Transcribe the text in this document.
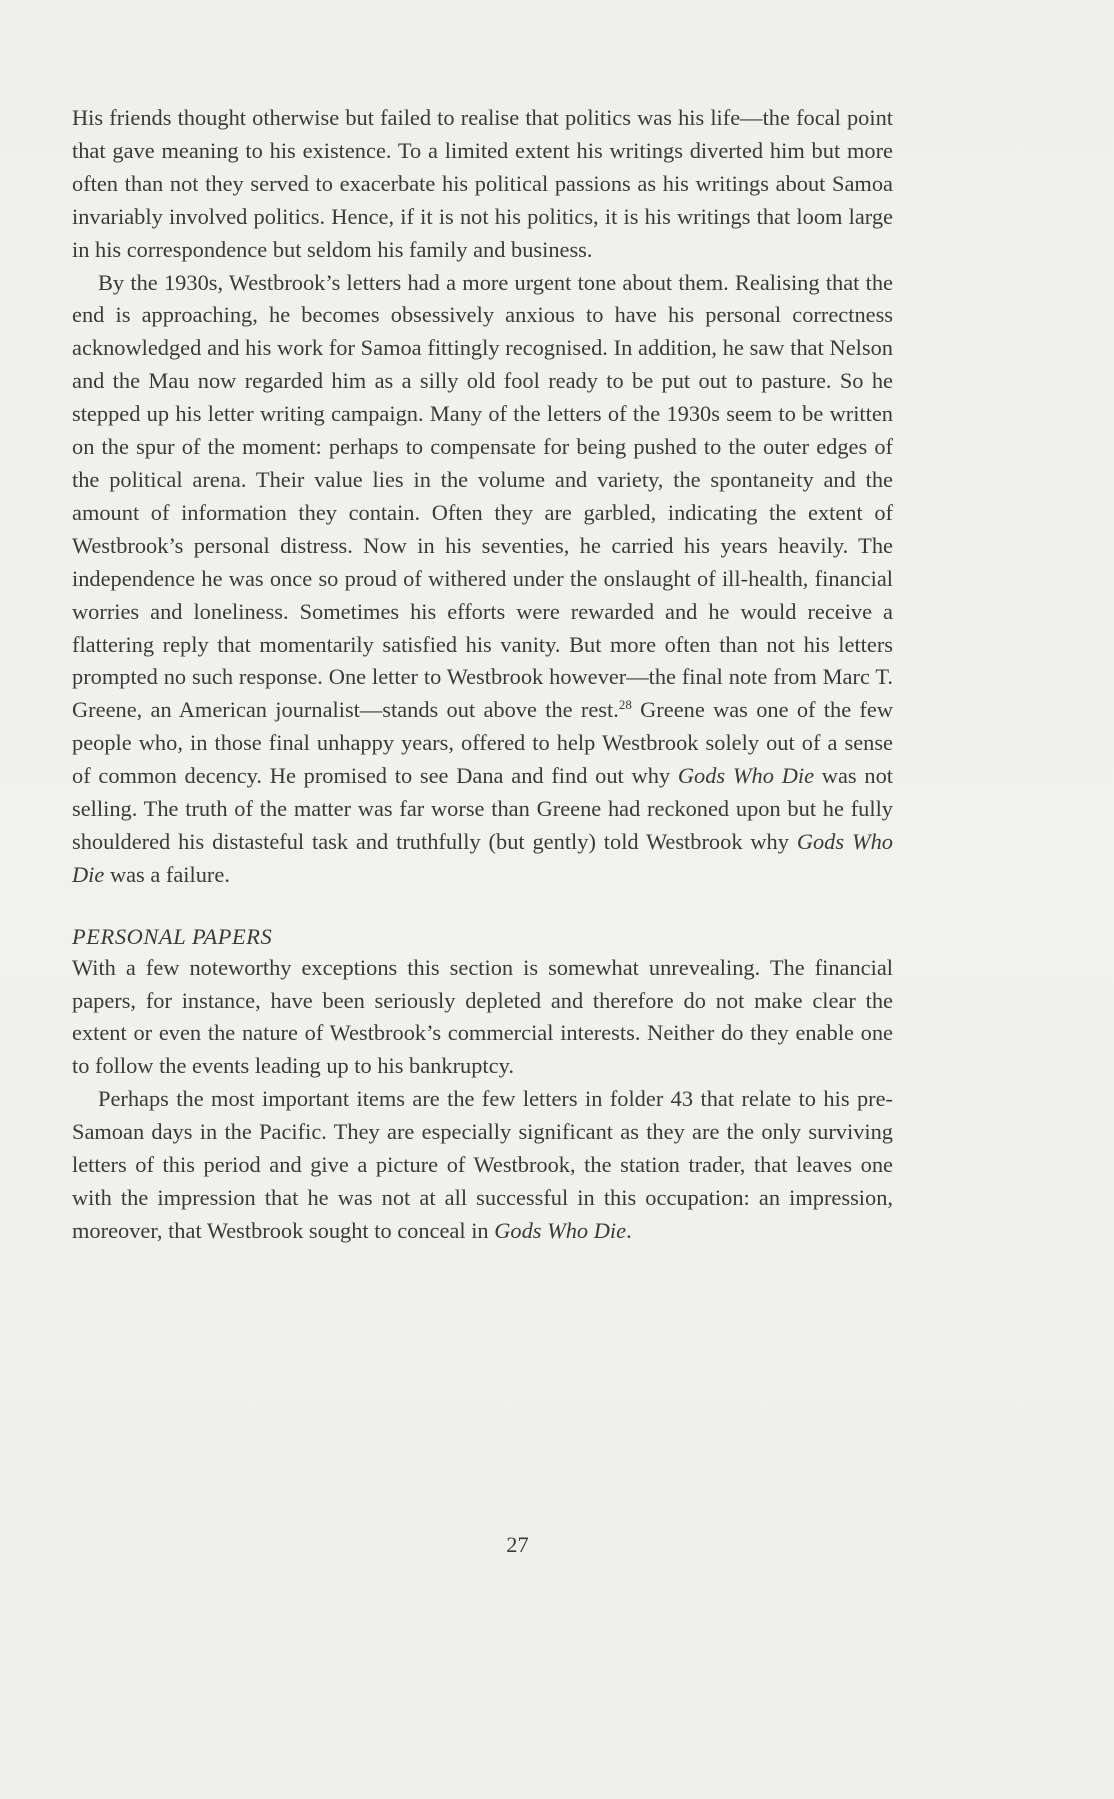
His friends thought otherwise but failed to realise that politics was his life—the focal point that gave meaning to his existence. To a limited extent his writings diverted him but more often than not they served to exacerbate his political passions as his writings about Samoa invariably involved politics. Hence, if it is not his politics, it is his writings that loom large in his correspondence but seldom his family and business.

By the 1930s, Westbrook’s letters had a more urgent tone about them. Realising that the end is approaching, he becomes obsessively anxious to have his personal correctness acknowledged and his work for Samoa fittingly recognised. In addition, he saw that Nelson and the Mau now regarded him as a silly old fool ready to be put out to pasture. So he stepped up his letter writing campaign. Many of the letters of the 1930s seem to be written on the spur of the moment: perhaps to compensate for being pushed to the outer edges of the political arena. Their value lies in the volume and variety, the spontaneity and the amount of information they contain. Often they are garbled, indicating the extent of Westbrook’s personal distress. Now in his seventies, he carried his years heavily. The independence he was once so proud of withered under the onslaught of ill-health, financial worries and loneliness. Sometimes his efforts were rewarded and he would receive a flattering reply that momentarily satisfied his vanity. But more often than not his letters prompted no such response. One letter to Westbrook however—the final note from Marc T. Greene, an American journalist—stands out above the rest.$^{28}$ Greene was one of the few people who, in those final unhappy years, offered to help Westbrook solely out of a sense of common decency. He promised to see Dana and find out why Gods Who Die was not selling. The truth of the matter was far worse than Greene had reckoned upon but he fully shouldered his distasteful task and truthfully (but gently) told Westbrook why Gods Who Die was a failure.

PERSONAL PAPERS

With a few noteworthy exceptions this section is somewhat unrevealing. The financial papers, for instance, have been seriously depleted and therefore do not make clear the extent or even the nature of Westbrook’s commercial interests. Neither do they enable one to follow the events leading up to his bankruptcy.

Perhaps the most important items are the few letters in folder 43 that relate to his pre-Samoan days in the Pacific. They are especially significant as they are the only surviving letters of this period and give a picture of Westbrook, the station trader, that leaves one with the impression that he was not at all successful in this occupation: an impression, moreover, that Westbrook sought to conceal in Gods Who Die.

27
